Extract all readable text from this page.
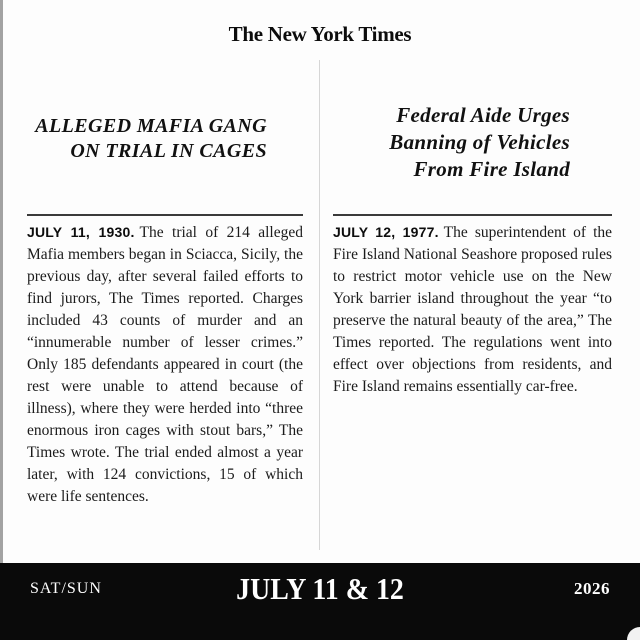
The New York Times
ALLEGED MAFIA GANG
ON TRIAL IN CAGES
Federal Aide Urges
Banning of Vehicles
From Fire Island

JULY 11, 1930. The trial of 214 alleged Mafia members began in Sciacca, Sicily, the previous day, after several failed efforts to find jurors, The Times reported. Charges included 43 counts of murder and an “innumerable number of lesser crimes.” Only 185 defendants appeared in court (the rest were unable to attend because of illness), where they were herded into “three enormous iron cages with stout bars,” The Times wrote. The trial ended almost a year later, with 124 convictions, 15 of which were life sentences.

JULY 12, 1977. The superintendent of the Fire Island National Seashore proposed rules to restrict motor vehicle use on the New York barrier island throughout the year “to preserve the natural beauty of the area,” The Times reported. The regulations went into effect over objections from residents, and Fire Island remains essentially car-free.

SAT/SUN	JULY 11 & 12	2026
